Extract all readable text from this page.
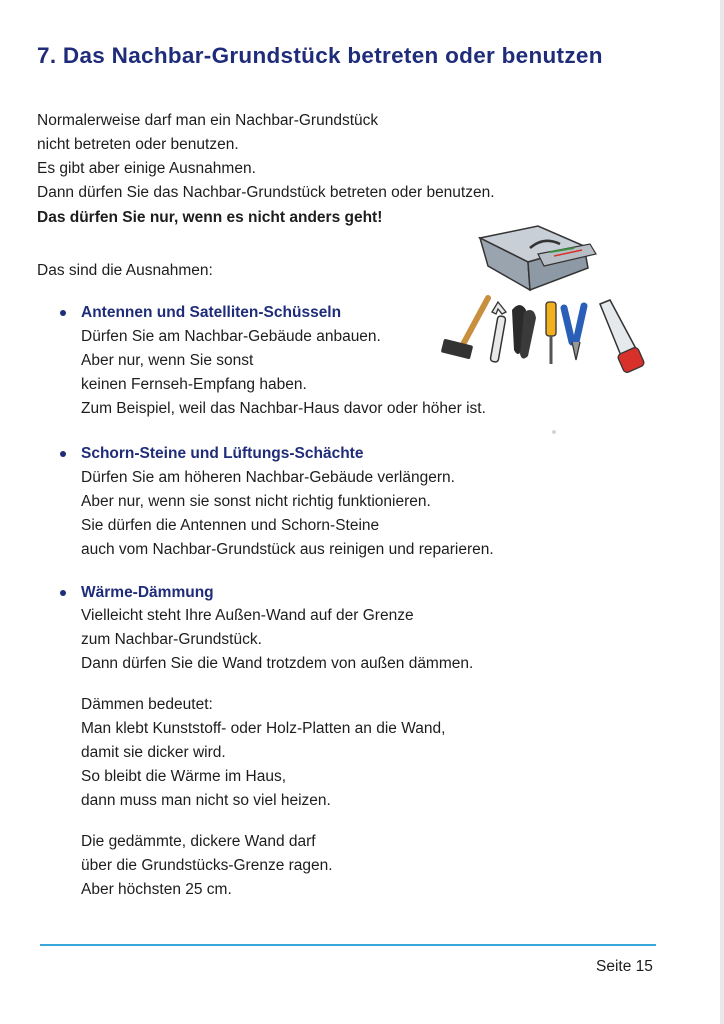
7. Das Nachbar-Grundstück betreten oder benutzen

Normalerweise darf man ein Nachbar-Grundstück

nicht betreten oder benutzen.

Es gibt aber einige Ausnahmen.

Dann dürfen Sie das Nachbar-Grundstück betreten oder benutzen.

Das dürfen Sie nur, wenn es nicht anders geht!

Das sind die Ausnahmen:

Antennen und Satelliten-Schüsseln

Dürfen Sie am Nachbar-Gebäude anbauen.

Aber nur, wenn Sie sonst

keinen Fernseh-Empfang haben.

Zum Beispiel, weil das Nachbar-Haus davor oder höher ist.

Schorn-Steine und Lüftungs-Schächte

Dürfen Sie am höheren Nachbar-Gebäude verlängern.

Aber nur, wenn sie sonst nicht richtig funktionieren.

Sie dürfen die Antennen und Schorn-Steine

auch vom Nachbar-Grundstück aus reinigen und reparieren.

Wärme-Dämmung

Vielleicht steht Ihre Außen-Wand auf der Grenze

zum Nachbar-Grundstück.

Dann dürfen Sie die Wand trotzdem von außen dämmen.

Dämmen bedeutet:

Man klebt Kunststoff- oder Holz-Platten an die Wand,

damit sie dicker wird.

So bleibt die Wärme im Haus,

dann muss man nicht so viel heizen.

Die gedämmte, dickere Wand darf

über die Grundstücks-Grenze ragen.

Aber höchsten 25 cm.

Seite 15
